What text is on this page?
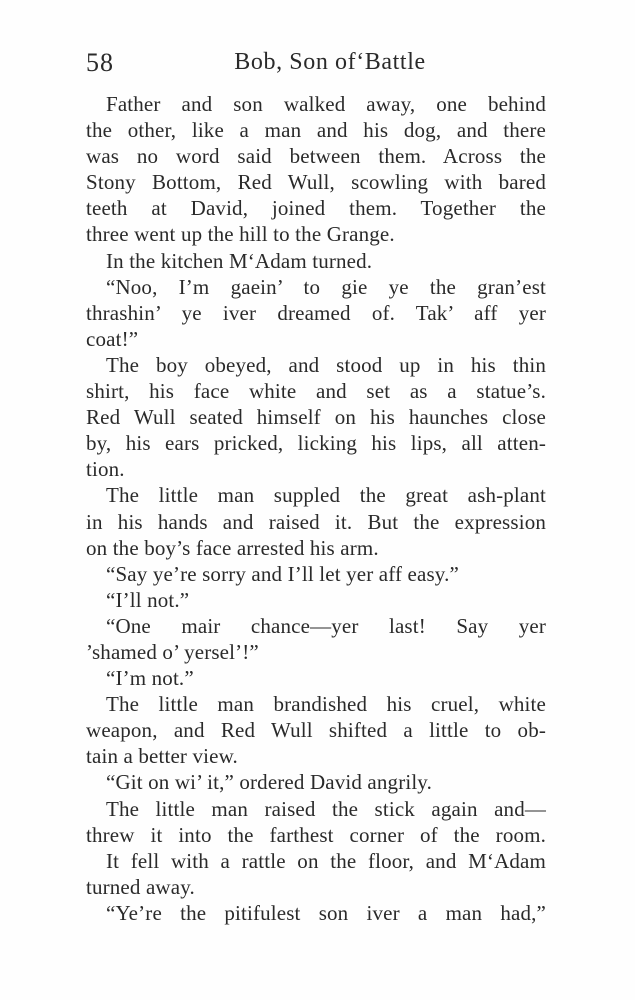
58	Bob, Son ofʻBattle
Father and son walked away, one behind
the other, like a man and his dog, and there
was no word said between them. Across the
Stony Bottom, Red Wull, scowling with bared
teeth at David, joined them. Together the
three went up the hill to the Grange.
In the kitchen MʻAdam turned.
“Noo, I’m gaein’ to gie ye the gran’est
thrashin’ ye iver dreamed of. Tak’ aff yer
coat!”
The boy obeyed, and stood up in his thin
shirt, his face white and set as a statue’s.
Red Wull seated himself on his haunches close
by, his ears pricked, licking his lips, all atten-
tion.
The little man suppled the great ash-plant
in his hands and raised it. But the expression
on the boy’s face arrested his arm.
“Say ye’re sorry and I’ll let yer aff easy.”
“I’ll not.”
“One mair chance—yer last! Say yer
’shamed o’ yersel’!”
“I’m not.”
The little man brandished his cruel, white
weapon, and Red Wull shifted a little to ob-
tain a better view.
“Git on wi’ it,” ordered David angrily.
The little man raised the stick again and—
threw it into the farthest corner of the room.
It fell with a rattle on the floor, and MʻAdam
turned away.
“Ye’re the pitifulest son iver a man had,”
